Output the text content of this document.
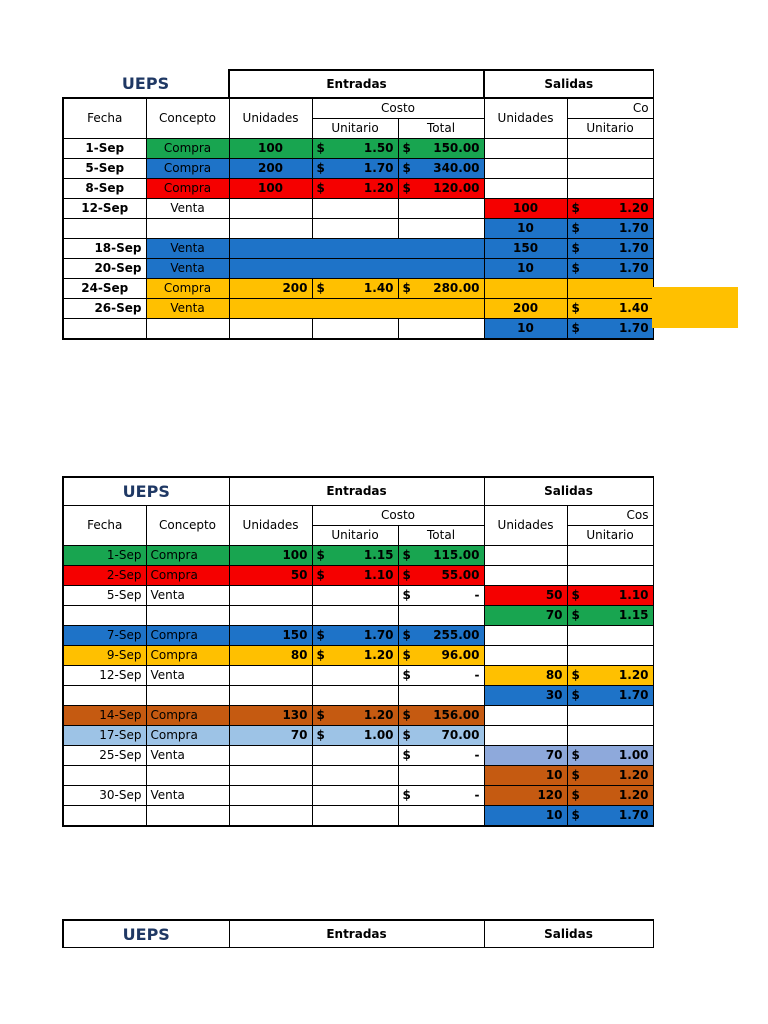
UEPS		Entradas			Salidas	
Fecha	Concepto	Unidades	Costo		Unidades	Co
			Unitario	Total		Unitario
1-Sep	Compra	100	$ 1.50	$ 150.00		

5-Sep	Compra	200	$ 1.70	$ 340.00		

8-Sep	Compra	100	$ 1.20	$ 120.00		

12-Sep	Venta				100	$ 1.20

					10	$ 1.70

18-Sep	Venta				150	$ 1.70

20-Sep	Venta				10	$ 1.70

24-Sep	Compra	200	$ 1.40	$ 280.00		

26-Sep	Venta				200	$ 1.40

					10	$ 1.70
UEPS		Entradas			Salidas	
Fecha	Concepto	Unidades	Costo		Unidades	Cos
			Unitario	Total		Unitario
1-Sep	Compra	100	$ 1.15	$ 115.00		

2-Sep	Compra	50	$ 1.10	$ 55.00		

5-Sep	Venta			$ -	50	$ 1.10

					70	$ 1.15

7-Sep	Compra	150	$ 1.70	$ 255.00		

9-Sep	Compra	80	$ 1.20	$ 96.00		

12-Sep	Venta			$ -	80	$ 1.20

					30	$ 1.70

14-Sep	Compra	130	$ 1.20	$ 156.00		

17-Sep	Compra	70	$ 1.00	$ 70.00		

25-Sep	Venta			$ -	70	$ 1.00

					10	$ 1.20

30-Sep	Venta			$ -	120	$ 1.20

					10	$ 1.70
UEPS	Entradas	Salidas
